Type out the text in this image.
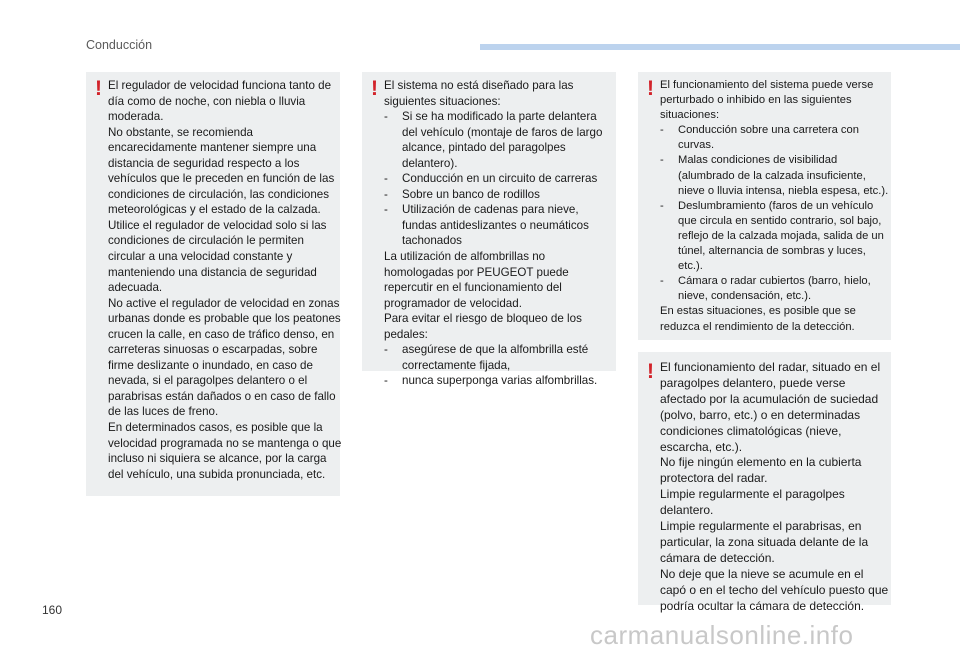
Conducción
! El regulador de velocidad funciona tanto de día como de noche, con niebla o lluvia moderada.

No obstante, se recomienda encarecidamente mantener siempre una distancia de seguridad respecto a los vehículos que le preceden en función de las condiciones de circulación, las condiciones meteorológicas y el estado de la calzada.

Utilice el regulador de velocidad solo si las condiciones de circulación le permiten circular a una velocidad constante y manteniendo una distancia de seguridad adecuada.

No active el regulador de velocidad en zonas urbanas donde es probable que los peatones crucen la calle, en caso de tráfico denso, en carreteras sinuosas o escarpadas, sobre firme deslizante o inundado, en caso de nevada, si el paragolpes delantero o el parabrisas están dañados o en caso de fallo de las luces de freno.

En determinados casos, es posible que la velocidad programada no se mantenga o que incluso ni siquiera se alcance, por la carga del vehículo, una subida pronunciada, etc.

! El sistema no está diseñado para las siguientes situaciones:

- Si se ha modificado la parte delantera del vehículo (montaje de faros de largo alcance, pintado del paragolpes delantero).
- Conducción en un circuito de carreras
- Sobre un banco de rodillos
- Utilización de cadenas para nieve, fundas antideslizantes o neumáticos tachonados

La utilización de alfombrillas no homologadas por PEUGEOT puede repercutir en el funcionamiento del programador de velocidad.

Para evitar el riesgo de bloqueo de los pedales:

- asegúrese de que la alfombrilla esté correctamente fijada,
- nunca superponga varias alfombrillas.
! El funcionamiento del sistema puede verse perturbado o inhibido en las siguientes situaciones:

- Conducción sobre una carretera con curvas.
- Malas condiciones de visibilidad (alumbrado de la calzada insuficiente, nieve o lluvia intensa, niebla espesa, etc.).
- Deslumbramiento (faros de un vehículo que circula en sentido contrario, sol bajo, reflejo de la calzada mojada, salida de un túnel, alternancia de sombras y luces, etc.).
- Cámara o radar cubiertos (barro, hielo, nieve, condensación, etc.).

En estas situaciones, es posible que se reduzca el rendimiento de la detección.

! El funcionamiento del radar, situado en el paragolpes delantero, puede verse afectado por la acumulación de suciedad (polvo, barro, etc.) o en determinadas condiciones climatológicas (nieve, escarcha, etc.).

No fije ningún elemento en la cubierta protectora del radar.

Limpie regularmente el paragolpes delantero.

Limpie regularmente el parabrisas, en particular, la zona situada delante de la cámara de detección.

No deje que la nieve se acumule en el capó o en el techo del vehículo puesto que podría ocultar la cámara de detección.

160
carmanualsonline.info
